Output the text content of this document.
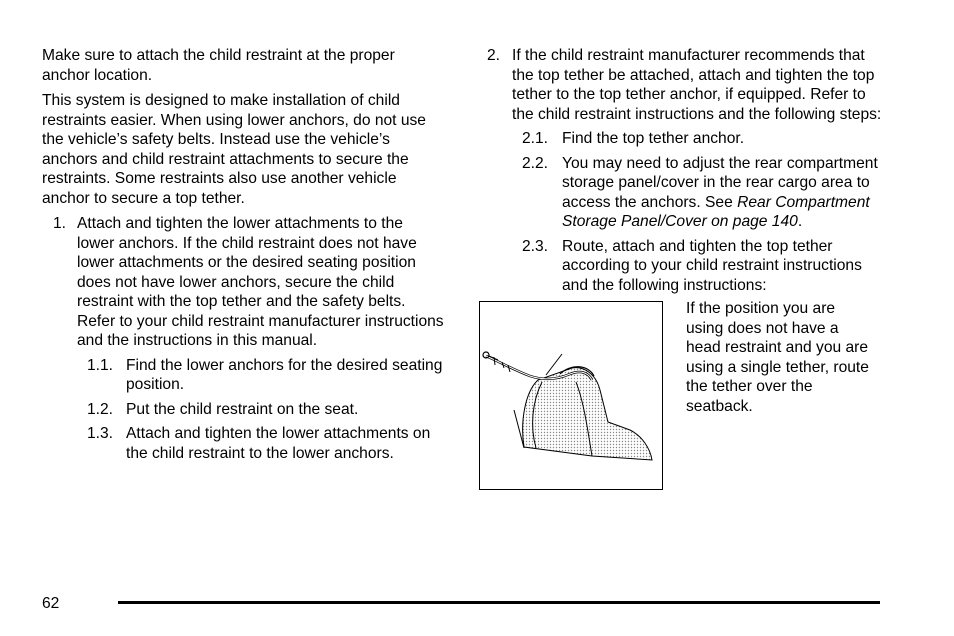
Make sure to attach the child restraint at the proper anchor location.

This system is designed to make installation of child restraints easier. When using lower anchors, do not use the vehicle’s safety belts. Instead use the vehicle’s anchors and child restraint attachments to secure the restraints. Some restraints also use another vehicle anchor to secure a top tether.

1. Attach and tighten the lower attachments to the lower anchors. If the child restraint does not have lower attachments or the desired seating position does not have lower anchors, secure the child restraint with the top tether and the safety belts. Refer to your child restraint manufacturer instructions and the instructions in this manual.
1.1. Find the lower anchors for the desired seating position.
1.2. Put the child restraint on the seat.
1.3. Attach and tighten the lower attachments on the child restraint to the lower anchors.
2. If the child restraint manufacturer recommends that the top tether be attached, attach and tighten the top tether to the top tether anchor, if equipped. Refer to the child restraint instructions and the following steps:
2.1. Find the top tether anchor.
2.2. You may need to adjust the rear compartment storage panel/cover in the rear cargo area to access the anchors. See Rear Compartment Storage Panel/Cover on page 140.
2.3. Route, attach and tighten the top tether according to your child restraint instructions and the following instructions:
If the position you are using does not have a head restraint and you are using a single tether, route the tether over the seatback.
62
